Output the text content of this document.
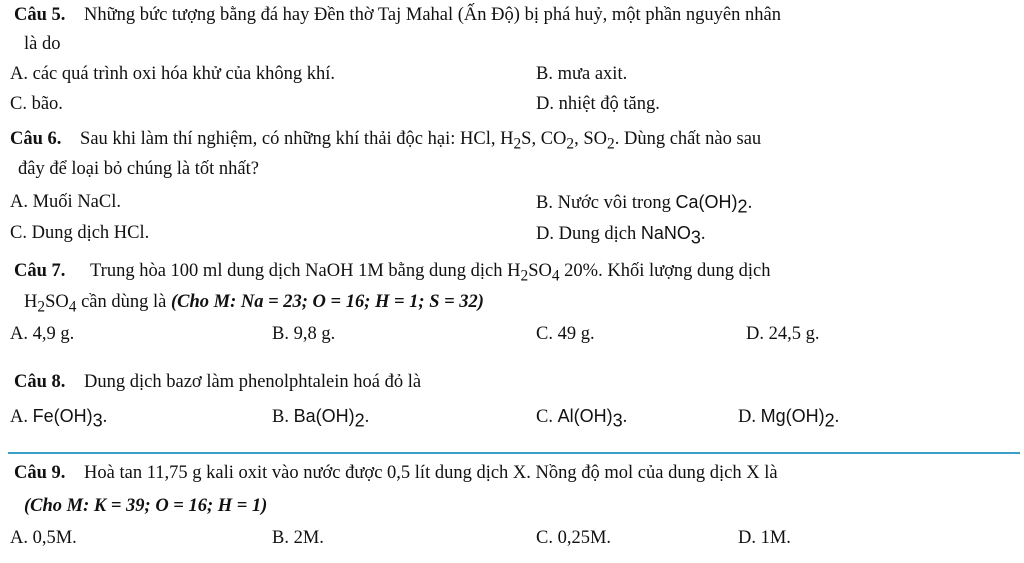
Câu 5. Những bức tượng bằng đá hay Đền thờ Taj Mahal (Ấn Độ) bị phá huỷ, một phần nguyên nhân
là do
A. các quá trình oxi hóa khử của không khí.	B. mưa axit.
C. bão.	D. nhiệt độ tăng.
Câu 6. Sau khi làm thí nghiệm, có những khí thải độc hại: HCl, $H_2S$, $CO_2$, $SO_2$. Dùng chất nào sau
đây để loại bỏ chúng là tốt nhất?
A. Muối NaCl.	B. Nước vôi trong $Ca(OH)_2$.
C. Dung dịch HCl.	D. Dung dịch NaNO$_3$.
Câu 7. Trung hòa 100 ml dung dịch NaOH 1M bằng dung dịch $H_2SO_4$ 20%. Khối lượng dung dịch
$H_2SO_4$ cần dùng là (Cho M: Na = 23; O = 16; H = 1; S = 32)
A. 4,9 g.	B. 9,8 g.	C. 49 g.	D. 24,5 g.
Câu 8. Dung dịch bazơ làm phenolphtalein hoá đỏ là
A. $Fe(OH)_3$.	B. $Ba(OH)_2$.	C. $Al(OH)_3$.	D. $Mg(OH)_2$.
Câu 9. Hoà tan 11,75 g kali oxit vào nước được 0,5 lít dung dịch X. Nồng độ mol của dung dịch X là
(Cho M: K = 39; O = 16; H = 1)
A. 0,5M.	B. 2M.	C. 0,25M.	D. 1M.
